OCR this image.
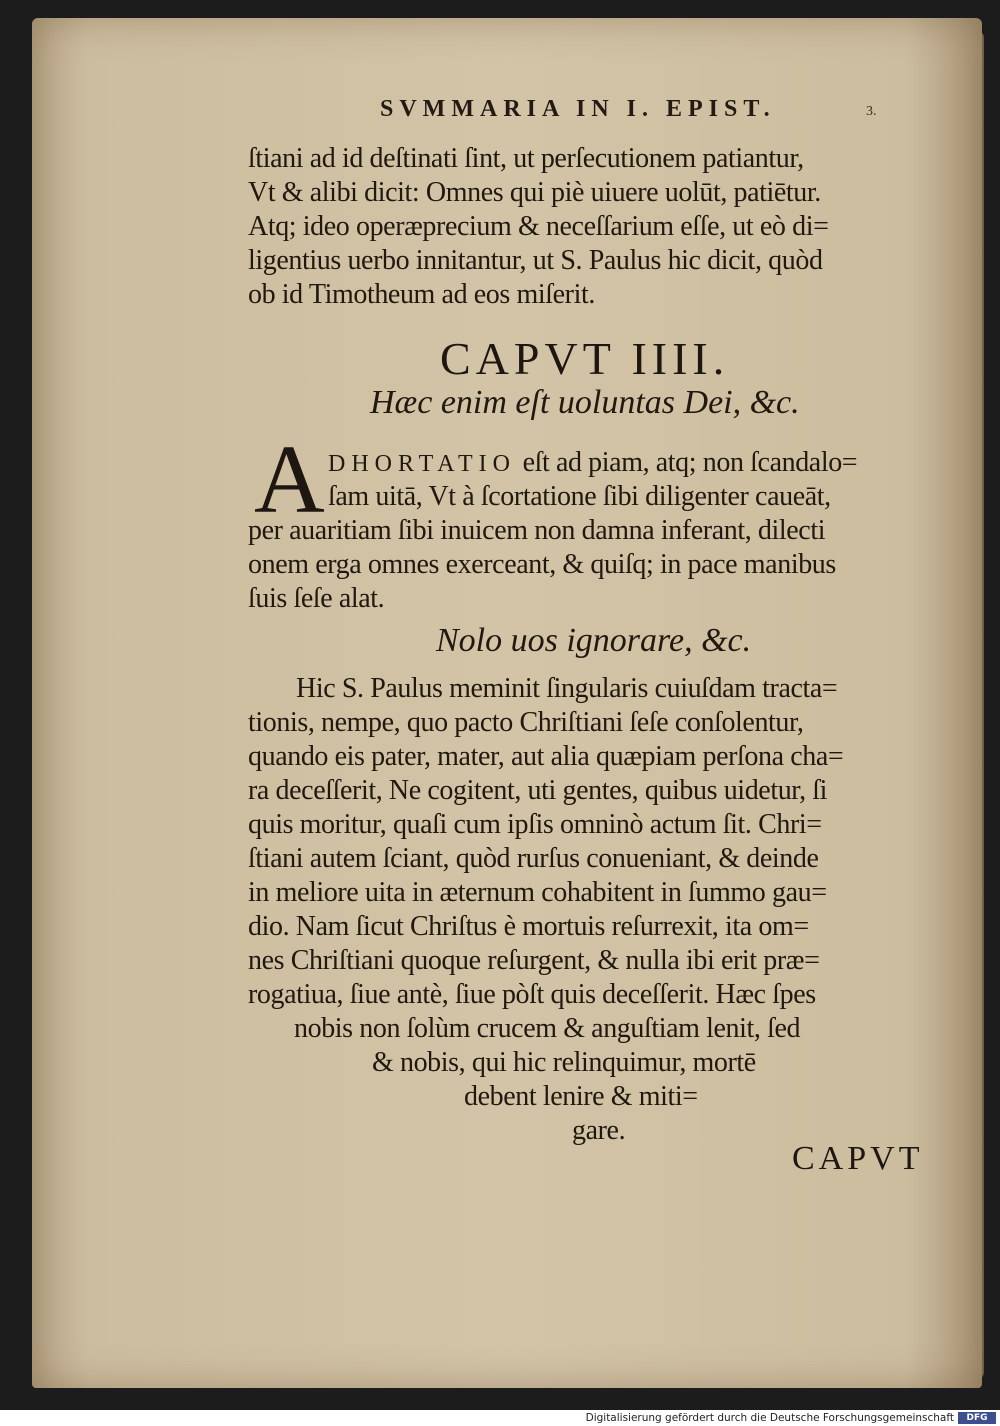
SVMMARIA IN I. EPIST.	3.
ſtiani ad id deſtinati ſint, ut perſecutionem patiantur,
Vt & alibi dicit: Omnes qui piè uiuere uolūt, patiētur.
Atq; ideo operæprecium & neceſſarium eſſe, ut eò di=
ligentius uerbo innitantur, ut S. Paulus hic dicit, quòd
ob id Timotheum ad eos miſerit.
CAPVT IIII.
Hæc enim eſt uoluntas Dei, &c.
A DHORTATIO eſt ad piam, atq; non ſcandalo=
ſam uitā, Vt à ſcortatione ſibi diligenter caueāt,
per auaritiam ſibi inuicem non damna inferant, dilecti
onem erga omnes exerceant, & quiſq; in pace manibus
ſuis ſeſe alat.
Nolo uos ignorare, &c.
Hic S. Paulus meminit ſingularis cuiuſdam tracta=
tionis, nempe, quo pacto Chriſtiani ſeſe conſolentur,
quando eis pater, mater, aut alia quæpiam perſona cha=
ra deceſſerit, Ne cogitent, uti gentes, quibus uidetur, ſi
quis moritur, quaſi cum ipſis omninò actum ſit. Chri=
ſtiani autem ſciant, quòd rurſus conueniant, & deinde
in meliore uita in æternum cohabitent in ſummo gau=
dio. Nam ſicut Chriſtus è mortuis reſurrexit, ita om=
nes Chriſtiani quoque reſurgent, & nulla ibi erit præ=
rogatiua, ſiue antè, ſiue pòſt quis deceſſerit. Hæc ſpes
nobis non ſolùm crucem & anguſtiam lenit, ſed
& nobis, qui hic relinquimur, mortē
debent lenire & miti=
gare.
CAPVT
Digitalisierung gefördert durch die Deutsche Forschungsgemeinschaft	DFG
